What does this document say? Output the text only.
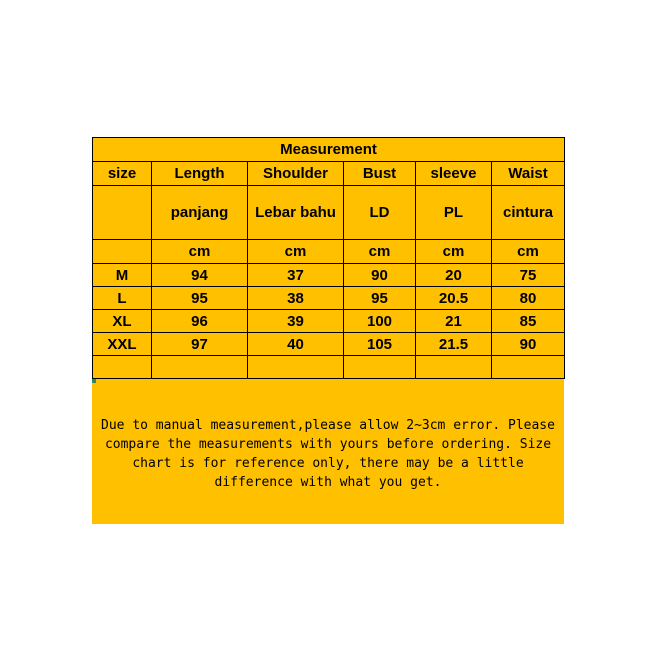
Measurement					
size	Length	Shoulder	Bust	sleeve	Waist
	panjang	Lebar bahu	LD	PL	cintura
	cm	cm	cm	cm	cm
M	94	37	90	20	75
L	95	38	95	20.5	80
XL	96	39	100	21	85
XXL	97	40	105	21.5	90

Due to manual measurement,please allow 2~3cm error. Please
compare the measurements with yours before ordering. Size
chart is for reference only, there may be a little
difference with what you get.
